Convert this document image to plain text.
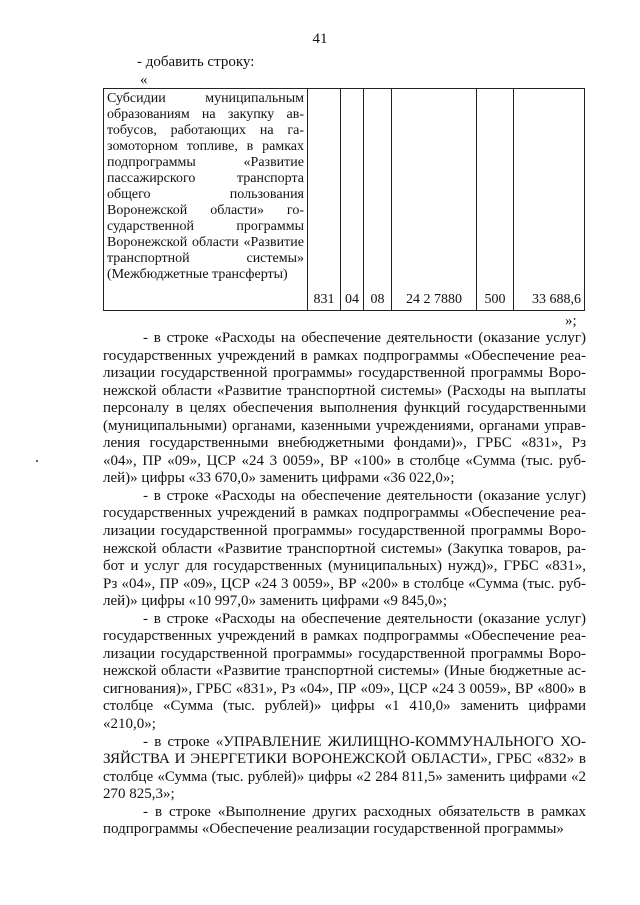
41
- добавить строку:
«
Субсидии муниципальным образованиям на закупку автобусов, работающих на газомоторном топливе, в рамках подпрограммы «Развитие пассажирского транспорта общего пользования Воронежской области» государственной программы Воронежской области «Развитие транспортной системы» (Межбюджетные трансферты)	831	04	08	24 2 7880	500	33 688,6
»;

- в строке «Расходы на обеспечение деятельности (оказание услуг) государственных учреждений в рамках подпрограммы «Обеспечение реализации государственной программы» государственной программы Воронежской области «Развитие транспортной системы» (Расходы на выплаты персоналу в целях обеспечения выполнения функций государственными (муниципальными) органами, казенными учреждениями, органами управления государственными внебюджетными фондами)», ГРБС «831», Рз «04», ПР «09», ЦСР «24 3 0059», ВР «100» в столбце «Сумма (тыс. рублей)» цифры «33 670,0» заменить цифрами «36 022,0»;

- в строке «Расходы на обеспечение деятельности (оказание услуг) государственных учреждений в рамках подпрограммы «Обеспечение реализации государственной программы» государственной программы Воронежской области «Развитие транспортной системы» (Закупка товаров, работ и услуг для государственных (муниципальных) нужд)», ГРБС «831», Рз «04», ПР «09», ЦСР «24 3 0059», ВР «200» в столбце «Сумма (тыс. рублей)» цифры «10 997,0» заменить цифрами «9 845,0»;

- в строке «Расходы на обеспечение деятельности (оказание услуг) государственных учреждений в рамках подпрограммы «Обеспечение реализации государственной программы» государственной программы Воронежской области «Развитие транспортной системы» (Иные бюджетные ассигнования)», ГРБС «831», Рз «04», ПР «09», ЦСР «24 3 0059», ВР «800» в столбце «Сумма (тыс. рублей)» цифры «1 410,0» заменить цифрами «210,0»;

- в строке «УПРАВЛЕНИЕ ЖИЛИЩНО-КОММУНАЛЬНОГО ХОЗЯЙСТВА И ЭНЕРГЕТИКИ ВОРОНЕЖСКОЙ ОБЛАСТИ», ГРБС «832» в столбце «Сумма (тыс. рублей)» цифры «2 284 811,5» заменить цифрами «2 270 825,3»;

- в строке «Выполнение других расходных обязательств в рамках подпрограммы «Обеспечение реализации государственной программы»
